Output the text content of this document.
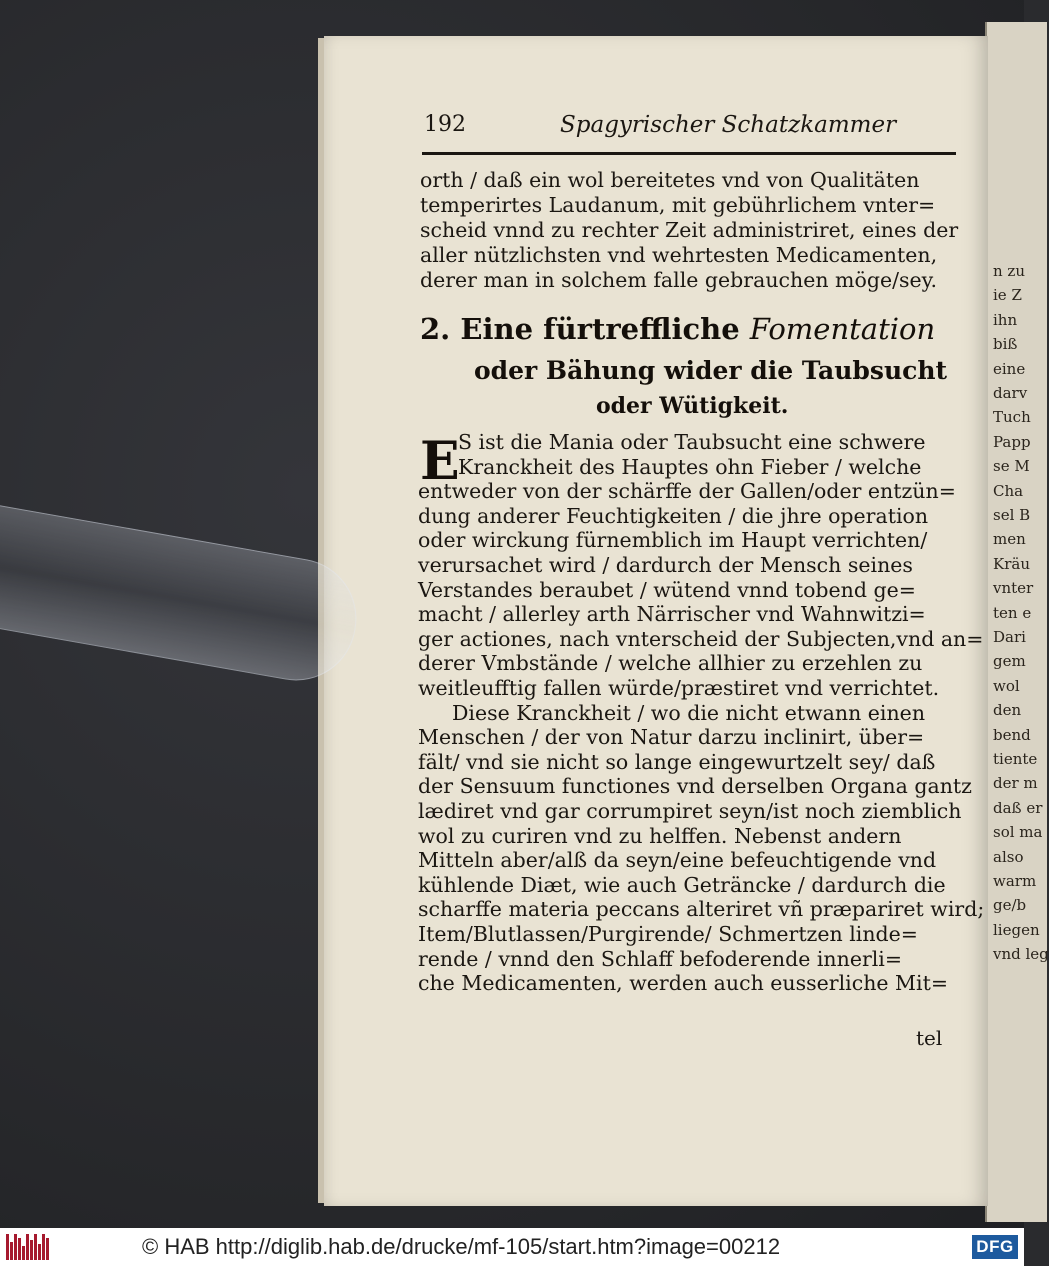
n zu
ie Z
ihn
biß
eine
darv
Tuch
Papp
se M
Cha
sel B
men
Kräu
vnter
ten e
Dari
gem
wol
den
bend
tiente
der m
daß er
sol ma
also
warm
ge/b
liegen
vnd leg
192	Spagyrischer Schatzkammer
orth / daß ein wol bereitetes vnd von Qualitäten
temperirtes Laudanum, mit gebührlichem vnter=
scheid vnnd zu rechter Zeit administriret, eines der
aller nützlichsten vnd wehrtesten Medicamenten,
derer man in solchem falle gebrauchen möge/sey.
2. Eine fürtreffliche Fomentation
oder Bähung wider die Taubsucht
oder Wütigkeit.
E
S ist die Mania oder Taubsucht eine schwere
Kranckheit des Hauptes ohn Fieber / welche
entweder von der schärffe der Gallen/oder entzün=
dung anderer Feuchtigkeiten / die jhre operation
oder wirckung fürnemblich im Haupt verrichten/
verursachet wird / dardurch der Mensch seines
Verstandes beraubet / wütend vnnd tobend ge=
macht / allerley arth Närrischer vnd Wahnwitzi=
ger actiones, nach vnterscheid der Subjecten,vnd an=
derer Vmbstände / welche allhier zu erzehlen zu
weitleufftig fallen würde/præstiret vnd verrichtet.
Diese Kranckheit / wo die nicht etwann einen
Menschen / der von Natur darzu inclinirt, über=
fält/ vnd sie nicht so lange eingewurtzelt sey/ daß
der Sensuum functiones vnd derselben Organa gantz
lædiret vnd gar corrumpiret seyn/ist noch ziemblich
wol zu curiren vnd zu helffen. Nebenst andern
Mitteln aber/alß da seyn/eine befeuchtigende vnd
kühlende Diæt, wie auch Geträncke / dardurch die
scharffe materia peccans alteriret vñ præpariret wird;
Item/Blutlassen/Purgirende/ Schmertzen linde=
rende / vnnd den Schlaff befoderende innerli=
che Medicamenten, werden auch eusserliche Mit=
tel
© HAB http://diglib.hab.de/drucke/mf-105/start.htm?image=00212	DFG
